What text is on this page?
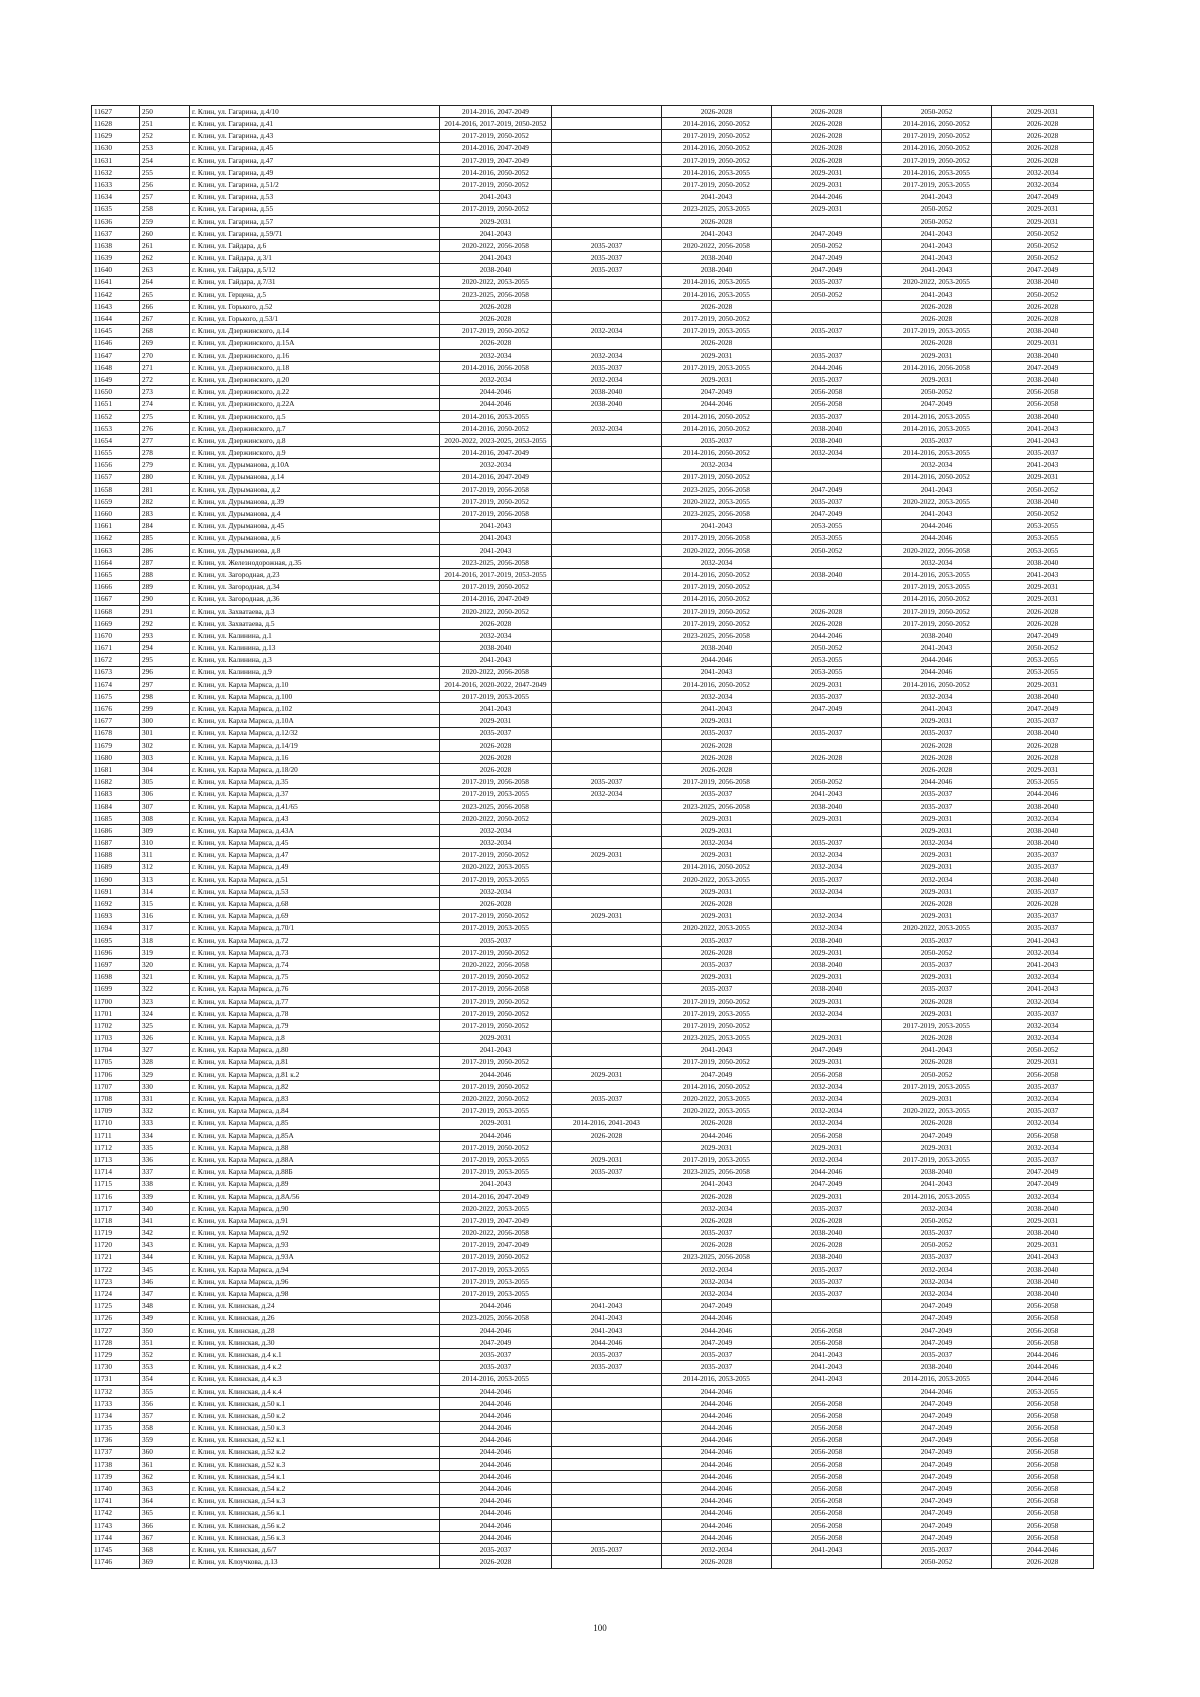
11627	250	г. Клин, ул. Гагарина, д.4/10	2014-2016, 2047-2049		2026-2028	2026-2028	2050-2052	2029-2031
11628	251	г. Клин, ул. Гагарина, д.41	2014-2016, 2017-2019, 2050-2052		2014-2016, 2050-2052	2026-2028	2014-2016, 2050-2052	2026-2028
11629	252	г. Клин, ул. Гагарина, д.43	2017-2019, 2050-2052		2017-2019, 2050-2052	2026-2028	2017-2019, 2050-2052	2026-2028
11630	253	г. Клин, ул. Гагарина, д.45	2014-2016, 2047-2049		2014-2016, 2050-2052	2026-2028	2014-2016, 2050-2052	2026-2028
11631	254	г. Клин, ул. Гагарина, д.47	2017-2019, 2047-2049		2017-2019, 2050-2052	2026-2028	2017-2019, 2050-2052	2026-2028
11632	255	г. Клин, ул. Гагарина, д.49	2014-2016, 2050-2052		2014-2016, 2053-2055	2029-2031	2014-2016, 2053-2055	2032-2034
11633	256	г. Клин, ул. Гагарина, д.51/2	2017-2019, 2050-2052		2017-2019, 2050-2052	2029-2031	2017-2019, 2053-2055	2032-2034
11634	257	г. Клин, ул. Гагарина, д.53	2041-2043		2041-2043	2044-2046	2041-2043	2047-2049
11635	258	г. Клин, ул. Гагарина, д.55	2017-2019, 2050-2052		2023-2025, 2053-2055	2029-2031	2050-2052	2029-2031
11636	259	г. Клин, ул. Гагарина, д.57	2029-2031		2026-2028		2050-2052	2029-2031
11637	260	г. Клин, ул. Гагарина, д.59/71	2041-2043		2041-2043	2047-2049	2041-2043	2050-2052
11638	261	г. Клин, ул. Гайдара, д.6	2020-2022, 2056-2058	2035-2037	2020-2022, 2056-2058	2050-2052	2041-2043	2050-2052
11639	262	г. Клин, ул. Гайдара, д.3/1	2041-2043	2035-2037	2038-2040	2047-2049	2041-2043	2050-2052
11640	263	г. Клин, ул. Гайдара, д.5/12	2038-2040	2035-2037	2038-2040	2047-2049	2041-2043	2047-2049
11641	264	г. Клин, ул. Гайдара, д.7/31	2020-2022, 2053-2055		2014-2016, 2053-2055	2035-2037	2020-2022, 2053-2055	2038-2040
11642	265	г. Клин, ул. Герцена, д.5	2023-2025, 2056-2058		2014-2016, 2053-2055	2050-2052	2041-2043	2050-2052
11643	266	г. Клин, ул. Горького, д.52	2026-2028		2026-2028		2026-2028	2026-2028
11644	267	г. Клин, ул. Горького, д.53/1	2026-2028		2017-2019, 2050-2052		2026-2028	2026-2028
11645	268	г. Клин, ул. Дзержинского, д.14	2017-2019, 2050-2052	2032-2034	2017-2019, 2053-2055	2035-2037	2017-2019, 2053-2055	2038-2040
11646	269	г. Клин, ул. Дзержинского, д.15А	2026-2028		2026-2028		2026-2028	2029-2031
11647	270	г. Клин, ул. Дзержинского, д.16	2032-2034	2032-2034	2029-2031	2035-2037	2029-2031	2038-2040
11648	271	г. Клин, ул. Дзержинского, д.18	2014-2016, 2056-2058	2035-2037	2017-2019, 2053-2055	2044-2046	2014-2016, 2056-2058	2047-2049
11649	272	г. Клин, ул. Дзержинского, д.20	2032-2034	2032-2034	2029-2031	2035-2037	2029-2031	2038-2040
11650	273	г. Клин, ул. Дзержинского, д.22	2044-2046	2038-2040	2047-2049	2056-2058	2050-2052	2056-2058
11651	274	г. Клин, ул. Дзержинского, д.22А	2044-2046	2038-2040	2044-2046	2056-2058	2047-2049	2056-2058
11652	275	г. Клин, ул. Дзержинского, д.5	2014-2016, 2053-2055		2014-2016, 2050-2052	2035-2037	2014-2016, 2053-2055	2038-2040
11653	276	г. Клин, ул. Дзержинского, д.7	2014-2016, 2050-2052	2032-2034	2014-2016, 2050-2052	2038-2040	2014-2016, 2053-2055	2041-2043
11654	277	г. Клин, ул. Дзержинского, д.8	2020-2022, 2023-2025, 2053-2055		2035-2037	2038-2040	2035-2037	2041-2043
11655	278	г. Клин, ул. Дзержинского, д.9	2014-2016, 2047-2049		2014-2016, 2050-2052	2032-2034	2014-2016, 2053-2055	2035-2037
11656	279	г. Клин, ул. Дурыманова, д.10А	2032-2034		2032-2034		2032-2034	2041-2043
11657	280	г. Клин, ул. Дурыманова, д.14	2014-2016, 2047-2049		2017-2019, 2050-2052		2014-2016, 2050-2052	2029-2031
11658	281	г. Клин, ул. Дурыманова, д.2	2017-2019, 2056-2058		2023-2025, 2056-2058	2047-2049	2041-2043	2050-2052
11659	282	г. Клин, ул. Дурыманова, д.39	2017-2019, 2050-2052		2020-2022, 2053-2055	2035-2037	2020-2022, 2053-2055	2038-2040
11660	283	г. Клин, ул. Дурыманова, д.4	2017-2019, 2056-2058		2023-2025, 2056-2058	2047-2049	2041-2043	2050-2052
11661	284	г. Клин, ул. Дурыманова, д.45	2041-2043		2041-2043	2053-2055	2044-2046	2053-2055
11662	285	г. Клин, ул. Дурыманова, д.6	2041-2043		2017-2019, 2056-2058	2053-2055	2044-2046	2053-2055
11663	286	г. Клин, ул. Дурыманова, д.8	2041-2043		2020-2022, 2056-2058	2050-2052	2020-2022, 2056-2058	2053-2055
11664	287	г. Клин, ул. Железнодорожная, д.35	2023-2025, 2056-2058		2032-2034		2032-2034	2038-2040
11665	288	г. Клин, ул. Загородная, д.23	2014-2016, 2017-2019, 2053-2055		2014-2016, 2050-2052	2038-2040	2014-2016, 2053-2055	2041-2043
11666	289	г. Клин, ул. Загородная, д.34	2017-2019, 2050-2052		2017-2019, 2050-2052		2017-2019, 2053-2055	2029-2031
11667	290	г. Клин, ул. Загородная, д.36	2014-2016, 2047-2049		2014-2016, 2050-2052		2014-2016, 2050-2052	2029-2031
11668	291	г. Клин, ул. Захватаева, д.3	2020-2022, 2050-2052		2017-2019, 2050-2052	2026-2028	2017-2019, 2050-2052	2026-2028
11669	292	г. Клин, ул. Захватаева, д.5	2026-2028		2017-2019, 2050-2052	2026-2028	2017-2019, 2050-2052	2026-2028
11670	293	г. Клин, ул. Калинина, д.1	2032-2034		2023-2025, 2056-2058	2044-2046	2038-2040	2047-2049
11671	294	г. Клин, ул. Калинина, д.13	2038-2040		2038-2040	2050-2052	2041-2043	2050-2052
11672	295	г. Клин, ул. Калинина, д.3	2041-2043		2044-2046	2053-2055	2044-2046	2053-2055
11673	296	г. Клин, ул. Калинина, д.9	2020-2022, 2056-2058		2041-2043	2053-2055	2044-2046	2053-2055
11674	297	г. Клин, ул. Карла Маркса, д.10	2014-2016, 2020-2022, 2047-2049		2014-2016, 2050-2052	2029-2031	2014-2016, 2050-2052	2029-2031
11675	298	г. Клин, ул. Карла Маркса, д.100	2017-2019, 2053-2055		2032-2034	2035-2037	2032-2034	2038-2040
11676	299	г. Клин, ул. Карла Маркса, д.102	2041-2043		2041-2043	2047-2049	2041-2043	2047-2049
11677	300	г. Клин, ул. Карла Маркса, д.10А	2029-2031		2029-2031		2029-2031	2035-2037
11678	301	г. Клин, ул. Карла Маркса, д.12/32	2035-2037		2035-2037	2035-2037	2035-2037	2038-2040
11679	302	г. Клин, ул. Карла Маркса, д.14/19	2026-2028		2026-2028		2026-2028	2026-2028
11680	303	г. Клин, ул. Карла Маркса, д.16	2026-2028		2026-2028	2026-2028	2026-2028	2026-2028
11681	304	г. Клин, ул. Карла Маркса, д.18/20	2026-2028		2026-2028		2026-2028	2029-2031
11682	305	г. Клин, ул. Карла Маркса, д.35	2017-2019, 2056-2058	2035-2037	2017-2019, 2056-2058	2050-2052	2044-2046	2053-2055
11683	306	г. Клин, ул. Карла Маркса, д.37	2017-2019, 2053-2055	2032-2034	2035-2037	2041-2043	2035-2037	2044-2046
11684	307	г. Клин, ул. Карла Маркса, д.41/65	2023-2025, 2056-2058		2023-2025, 2056-2058	2038-2040	2035-2037	2038-2040
11685	308	г. Клин, ул. Карла Маркса, д.43	2020-2022, 2050-2052		2029-2031	2029-2031	2029-2031	2032-2034
11686	309	г. Клин, ул. Карла Маркса, д.43А	2032-2034		2029-2031		2029-2031	2038-2040
11687	310	г. Клин, ул. Карла Маркса, д.45	2032-2034		2032-2034	2035-2037	2032-2034	2038-2040
11688	311	г. Клин, ул. Карла Маркса, д.47	2017-2019, 2050-2052	2029-2031	2029-2031	2032-2034	2029-2031	2035-2037
11689	312	г. Клин, ул. Карла Маркса, д.49	2020-2022, 2053-2055		2014-2016, 2050-2052	2032-2034	2029-2031	2035-2037
11690	313	г. Клин, ул. Карла Маркса, д.51	2017-2019, 2053-2055		2020-2022, 2053-2055	2035-2037	2032-2034	2038-2040
11691	314	г. Клин, ул. Карла Маркса, д.53	2032-2034		2029-2031	2032-2034	2029-2031	2035-2037
11692	315	г. Клин, ул. Карла Маркса, д.68	2026-2028		2026-2028		2026-2028	2026-2028
11693	316	г. Клин, ул. Карла Маркса, д.69	2017-2019, 2050-2052	2029-2031	2029-2031	2032-2034	2029-2031	2035-2037
11694	317	г. Клин, ул. Карла Маркса, д.70/1	2017-2019, 2053-2055		2020-2022, 2053-2055	2032-2034	2020-2022, 2053-2055	2035-2037
11695	318	г. Клин, ул. Карла Маркса, д.72	2035-2037		2035-2037	2038-2040	2035-2037	2041-2043
11696	319	г. Клин, ул. Карла Маркса, д.73	2017-2019, 2050-2052		2026-2028	2029-2031	2050-2052	2032-2034
11697	320	г. Клин, ул. Карла Маркса, д.74	2020-2022, 2056-2058		2035-2037	2038-2040	2035-2037	2041-2043
11698	321	г. Клин, ул. Карла Маркса, д.75	2017-2019, 2050-2052		2029-2031	2029-2031	2029-2031	2032-2034
11699	322	г. Клин, ул. Карла Маркса, д.76	2017-2019, 2056-2058		2035-2037	2038-2040	2035-2037	2041-2043
11700	323	г. Клин, ул. Карла Маркса, д.77	2017-2019, 2050-2052		2017-2019, 2050-2052	2029-2031	2026-2028	2032-2034
11701	324	г. Клин, ул. Карла Маркса, д.78	2017-2019, 2050-2052		2017-2019, 2053-2055	2032-2034	2029-2031	2035-2037
11702	325	г. Клин, ул. Карла Маркса, д.79	2017-2019, 2050-2052		2017-2019, 2050-2052		2017-2019, 2053-2055	2032-2034
11703	326	г. Клин, ул. Карла Маркса, д.8	2029-2031		2023-2025, 2053-2055	2029-2031	2026-2028	2032-2034
11704	327	г. Клин, ул. Карла Маркса, д.80	2041-2043		2041-2043	2047-2049	2041-2043	2050-2052
11705	328	г. Клин, ул. Карла Маркса, д.81	2017-2019, 2050-2052		2017-2019, 2050-2052	2029-2031	2026-2028	2029-2031
11706	329	г. Клин, ул. Карла Маркса, д.81 к.2	2044-2046	2029-2031	2047-2049	2056-2058	2050-2052	2056-2058
11707	330	г. Клин, ул. Карла Маркса, д.82	2017-2019, 2050-2052		2014-2016, 2050-2052	2032-2034	2017-2019, 2053-2055	2035-2037
11708	331	г. Клин, ул. Карла Маркса, д.83	2020-2022, 2050-2052	2035-2037	2020-2022, 2053-2055	2032-2034	2029-2031	2032-2034
11709	332	г. Клин, ул. Карла Маркса, д.84	2017-2019, 2053-2055		2020-2022, 2053-2055	2032-2034	2020-2022, 2053-2055	2035-2037
11710	333	г. Клин, ул. Карла Маркса, д.85	2029-2031	2014-2016, 2041-2043	2026-2028	2032-2034	2026-2028	2032-2034
11711	334	г. Клин, ул. Карла Маркса, д.85А	2044-2046	2026-2028	2044-2046	2056-2058	2047-2049	2056-2058
11712	335	г. Клин, ул. Карла Маркса, д.88	2017-2019, 2050-2052		2029-2031	2029-2031	2029-2031	2032-2034
11713	336	г. Клин, ул. Карла Маркса, д.88А	2017-2019, 2053-2055	2029-2031	2017-2019, 2053-2055	2032-2034	2017-2019, 2053-2055	2035-2037
11714	337	г. Клин, ул. Карла Маркса, д.88Б	2017-2019, 2053-2055	2035-2037	2023-2025, 2056-2058	2044-2046	2038-2040	2047-2049
11715	338	г. Клин, ул. Карла Маркса, д.89	2041-2043		2041-2043	2047-2049	2041-2043	2047-2049
11716	339	г. Клин, ул. Карла Маркса, д.8А/56	2014-2016, 2047-2049		2026-2028	2029-2031	2014-2016, 2053-2055	2032-2034
11717	340	г. Клин, ул. Карла Маркса, д.90	2020-2022, 2053-2055		2032-2034	2035-2037	2032-2034	2038-2040
11718	341	г. Клин, ул. Карла Маркса, д.91	2017-2019, 2047-2049		2026-2028	2026-2028	2050-2052	2029-2031
11719	342	г. Клин, ул. Карла Маркса, д.92	2020-2022, 2056-2058		2035-2037	2038-2040	2035-2037	2038-2040
11720	343	г. Клин, ул. Карла Маркса, д.93	2017-2019, 2047-2049		2026-2028	2026-2028	2050-2052	2029-2031
11721	344	г. Клин, ул. Карла Маркса, д.93А	2017-2019, 2050-2052		2023-2025, 2056-2058	2038-2040	2035-2037	2041-2043
11722	345	г. Клин, ул. Карла Маркса, д.94	2017-2019, 2053-2055		2032-2034	2035-2037	2032-2034	2038-2040
11723	346	г. Клин, ул. Карла Маркса, д.96	2017-2019, 2053-2055		2032-2034	2035-2037	2032-2034	2038-2040
11724	347	г. Клин, ул. Карла Маркса, д.98	2017-2019, 2053-2055		2032-2034	2035-2037	2032-2034	2038-2040
11725	348	г. Клин, ул. Клинская, д.24	2044-2046	2041-2043	2047-2049		2047-2049	2056-2058
11726	349	г. Клин, ул. Клинская, д.26	2023-2025, 2056-2058	2041-2043	2044-2046		2047-2049	2056-2058
11727	350	г. Клин, ул. Клинская, д.28	2044-2046	2041-2043	2044-2046	2056-2058	2047-2049	2056-2058
11728	351	г. Клин, ул. Клинская, д.30	2047-2049	2044-2046	2047-2049	2056-2058	2047-2049	2056-2058
11729	352	г. Клин, ул. Клинская, д.4 к.1	2035-2037	2035-2037	2035-2037	2041-2043	2035-2037	2044-2046
11730	353	г. Клин, ул. Клинская, д.4 к.2	2035-2037	2035-2037	2035-2037	2041-2043	2038-2040	2044-2046
11731	354	г. Клин, ул. Клинская, д.4 к.3	2014-2016, 2053-2055		2014-2016, 2053-2055	2041-2043	2014-2016, 2053-2055	2044-2046
11732	355	г. Клин, ул. Клинская, д.4 к.4	2044-2046		2044-2046		2044-2046	2053-2055
11733	356	г. Клин, ул. Клинская, д.50 к.1	2044-2046		2044-2046	2056-2058	2047-2049	2056-2058
11734	357	г. Клин, ул. Клинская, д.50 к.2	2044-2046		2044-2046	2056-2058	2047-2049	2056-2058
11735	358	г. Клин, ул. Клинская, д.50 к.3	2044-2046		2044-2046	2056-2058	2047-2049	2056-2058
11736	359	г. Клин, ул. Клинская, д.52 к.1	2044-2046		2044-2046	2056-2058	2047-2049	2056-2058
11737	360	г. Клин, ул. Клинская, д.52 к.2	2044-2046		2044-2046	2056-2058	2047-2049	2056-2058
11738	361	г. Клин, ул. Клинская, д.52 к.3	2044-2046		2044-2046	2056-2058	2047-2049	2056-2058
11739	362	г. Клин, ул. Клинская, д.54 к.1	2044-2046		2044-2046	2056-2058	2047-2049	2056-2058
11740	363	г. Клин, ул. Клинская, д.54 к.2	2044-2046		2044-2046	2056-2058	2047-2049	2056-2058
11741	364	г. Клин, ул. Клинская, д.54 к.3	2044-2046		2044-2046	2056-2058	2047-2049	2056-2058
11742	365	г. Клин, ул. Клинская, д.56 к.1	2044-2046		2044-2046	2056-2058	2047-2049	2056-2058
11743	366	г. Клин, ул. Клинская, д.56 к.2	2044-2046		2044-2046	2056-2058	2047-2049	2056-2058
11744	367	г. Клин, ул. Клинская, д.56 к.3	2044-2046		2044-2046	2056-2058	2047-2049	2056-2058
11745	368	г. Клин, ул. Клинская, д.6/7	2035-2037	2035-2037	2032-2034	2041-2043	2035-2037	2044-2046
11746	369	г. Клин, ул. Клоучкова, д.13	2026-2028		2026-2028		2050-2052	2026-2028
100
